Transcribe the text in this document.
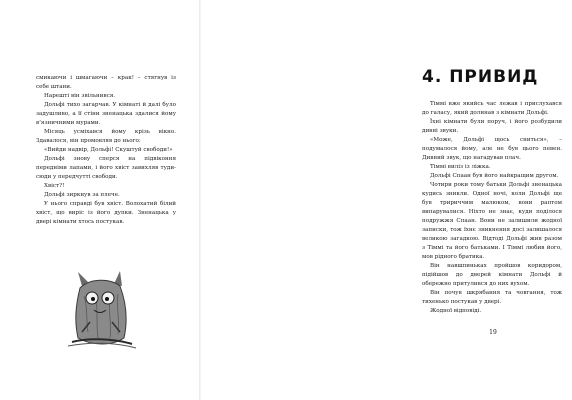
смикаючи і шмагаючи – крак! – стягнув із себе штани.

Нарешті він звільнився.

Дольфі тихо загарчав. У кімнаті й далі було задушливо, а її стіни зненацька здалися йому в’язничними мурами.

Місяць усміхався йому крізь вікно. Здавалося, він промовляв до нього:

«Вийди надвір, Дольфі! Скуштуй свободи!»

Дольфі знову сперся на підвіконня передніми лапами, і його хвіст завихляв туди-сюди у передчутті свободи.

Хвіст?!

Дольфі зиркнув за плече.

У нього справді був хвіст. Волохатий білий хвіст, що виріс із його дупки. Зненацька у двері кімнати хтось постукав.

4. ПРИВИД

Тіммі вже якийсь час лежав і прислухався до галасу, який долинав з кімнати Дольфі.

Їхні кімнати були поруч, і його розбудили дивні звуки.

«Може, Дольфі щось сниться», – подумалося йому, але не був цього певен. Дивний звук, що нагадував плач.

Тіммі виліз із ліжка.

Дольфі Спаан був його найкращим другом.

Чотири роки тому батьки Дольфі зненацька кудись зникли. Одної ночі, коли Дольфі ще був тририччим малюком, вони раптом випарувалися. Ніхто не знає, куди поділося подружжя Спаан. Вони не залишили жодної записки, тож їхнє зникнення досі залишалося великою загадкою. Відтоді Дольфі жив разом з Тіммі та його батьками. І Тіммі любив його, мов рідного братика.

Він навшпиньках пройшов коридором, підійшов до дверей кімнати Дольфі й обережно притулився до них вухом.

Він почув шкрябання та човгання, тож тихенько постукав у двері.

Жодної відповіді.

19
